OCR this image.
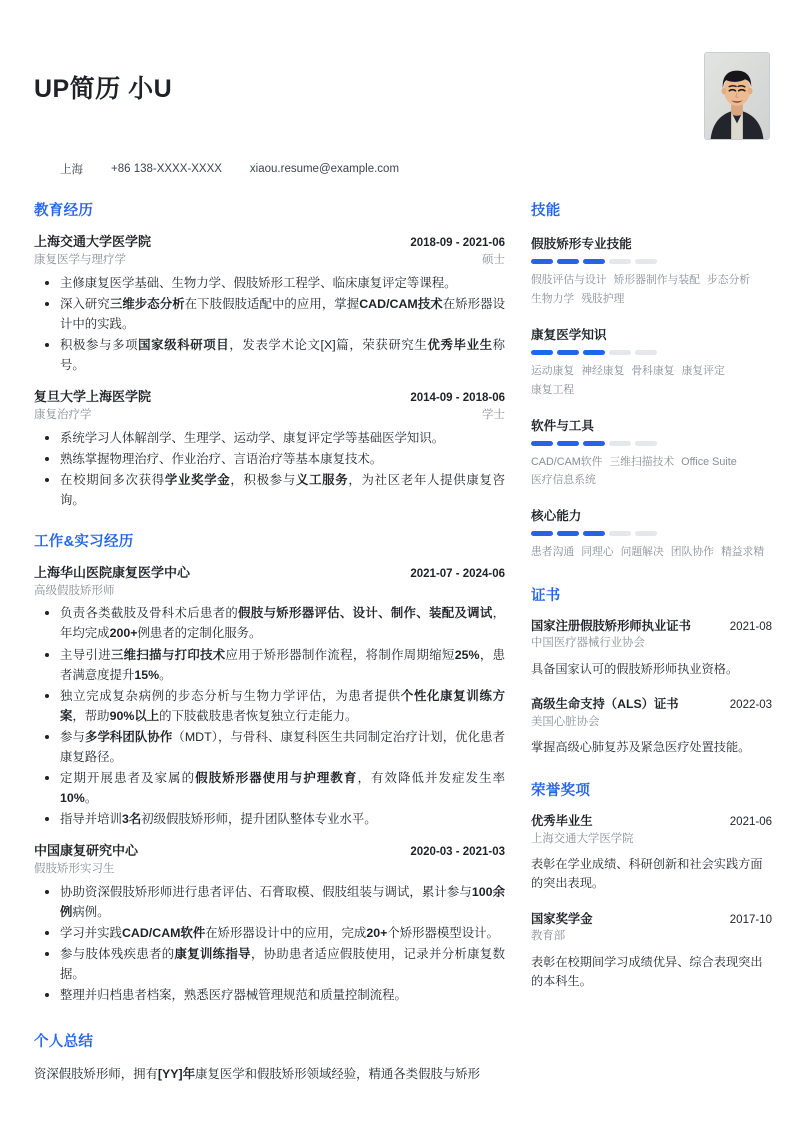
UP简历 小U
上海 +86 138-XXXX-XXXX xiaou.resume@example.com
教育经历
上海交通大学医学院	2018-09 - 2021-06
康复医学与理疗学	硕士
主修康复医学基础、生物力学、假肢矫形工程学、临床康复评定等课程。
深入研究三维步态分析在下肢假肢适配中的应用，掌握CAD/CAM技术在矫形器设计中的实践。
积极参与多项国家级科研项目，发表学术论文[X]篇，荣获研究生优秀毕业生称号。
复旦大学上海医学院	2014-09 - 2018-06
康复治疗学	学士
系统学习人体解剖学、生理学、运动学、康复评定学等基础医学知识。
熟练掌握物理治疗、作业治疗、言语治疗等基本康复技术。
在校期间多次获得学业奖学金，积极参与义工服务，为社区老年人提供康复咨询。
工作&实习经历
上海华山医院康复医学中心	2021-07 - 2024-06
高级假肢矫形师
负责各类截肢及骨科术后患者的假肢与矫形器评估、设计、制作、装配及调试，年均完成200+例患者的定制化服务。
主导引进三维扫描与打印技术应用于矫形器制作流程，将制作周期缩短25%，患者满意度提升15%。
独立完成复杂病例的步态分析与生物力学评估，为患者提供个性化康复训练方案，帮助90%以上的下肢截肢患者恢复独立行走能力。
参与多学科团队协作（MDT），与骨科、康复科医生共同制定治疗计划，优化患者康复路径。
定期开展患者及家属的假肢矫形器使用与护理教育，有效降低并发症发生率10%。
指导并培训3名初级假肢矫形师，提升团队整体专业水平。
中国康复研究中心	2020-03 - 2021-03
假肢矫形实习生
协助资深假肢矫形师进行患者评估、石膏取模、假肢组装与调试，累计参与100余例病例。
学习并实践CAD/CAM软件在矫形器设计中的应用，完成20+个矫形器模型设计。
参与肢体残疾患者的康复训练指导，协助患者适应假肢使用，记录并分析康复数据。
整理并归档患者档案，熟悉医疗器械管理规范和质量控制流程。
技能
假肢矫形专业技能
假肢评估与设计 矫形器制作与装配 步态分析生物力学 残肢护理
康复医学知识
运动康复 神经康复 骨科康复 康复评定康复工程
软件与工具
CAD/CAM软件 三维扫描技术 Office Suite医疗信息系统
核心能力
患者沟通 同理心 问题解决 团队协作 精益求精
证书
国家注册假肢矫形师执业证书	2021-08
中国医疗器械行业协会
具备国家认可的假肢矫形师执业资格。
高级生命支持（ALS）证书	2022-03
美国心脏协会
掌握高级心肺复苏及紧急医疗处置技能。
荣誉奖项
优秀毕业生	2021-06
上海交通大学医学院
表彰在学业成绩、科研创新和社会实践方面的突出表现。
国家奖学金	2017-10
教育部
表彰在校期间学习成绩优异、综合表现突出的本科生。
个人总结
资深假肢矫形师，拥有[YY]年康复医学和假肢矫形领域经验，精通各类假肢与矫形
